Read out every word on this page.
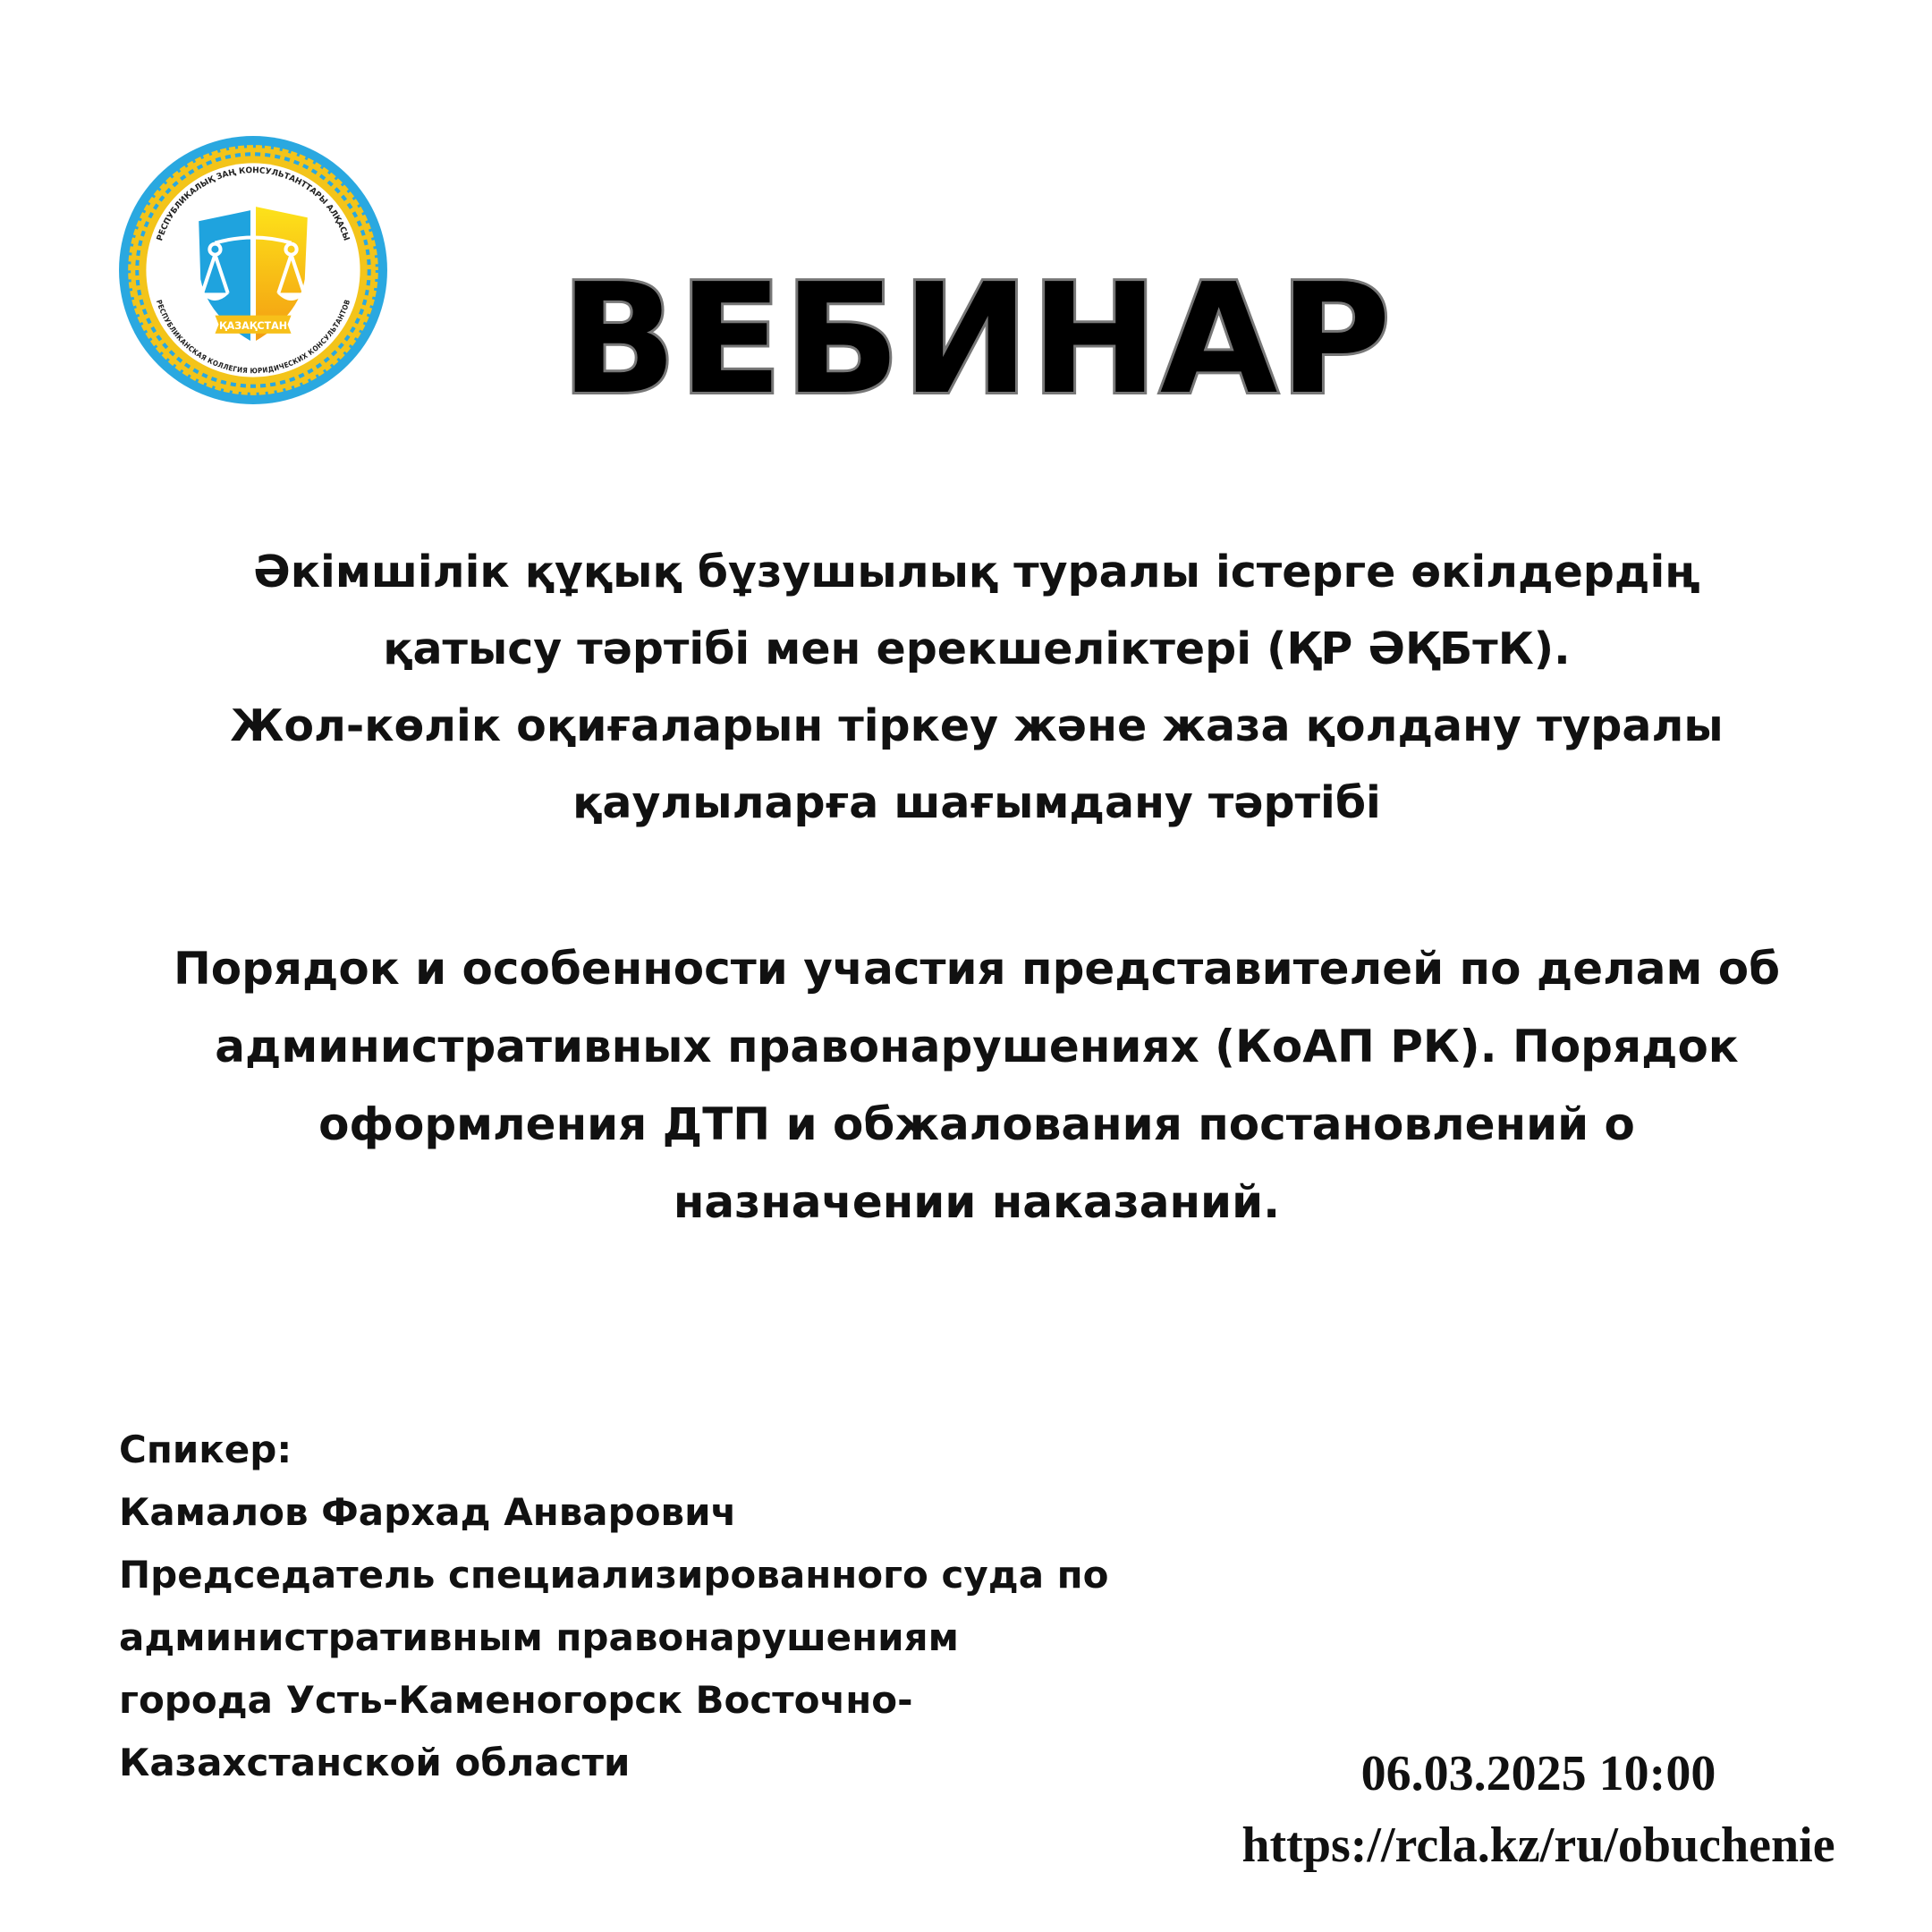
ҚАЗАҚСТАН
РЕСПУБЛИКАЛЫҚ ЗАҢ КОНСУЛЬТАНТТАРЫ АЛҚАСЫ
РЕСПУБЛИКАНСКАЯ КОЛЛЕГИЯ ЮРИДИЧЕСКИХ КОНСУЛЬТАНТОВ	ВЕБИНАР
Әкімшілік құқық бұзушылық туралы істерге өкілдердің
қатысу тәртібі мен ерекшеліктері (ҚР ӘҚБтК).
Жол-көлік оқиғаларын тіркеу және жаза қолдану туралы
қаулыларға шағымдану тәртібі
Порядок и особенности участия представителей по делам об
административных правонарушениях (КоАП РК). Порядок
оформления ДТП и обжалования постановлений о
назначении наказаний.
Спикер:
Камалов Фархад Анварович
Председатель специализированного суда по
административным правонарушениям
города Усть-Каменогорск Восточно-
Казахстанской области	06.03.2025 10:00
https://rcla.kz/ru/obuchenie
